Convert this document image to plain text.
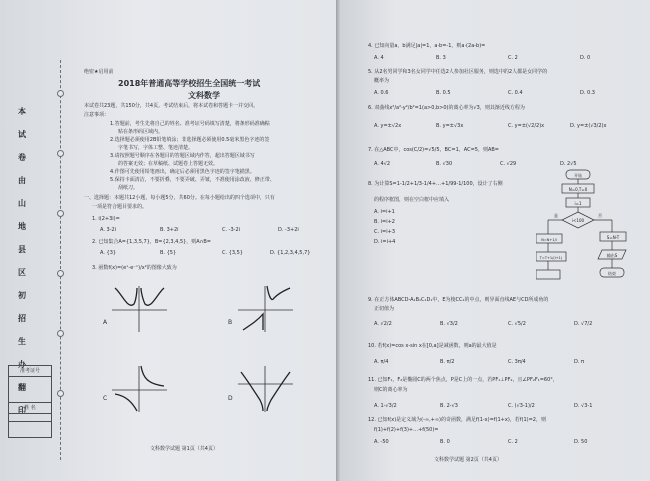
本
试
卷
由
山
地
县
区
初
招
生
办
翻
印
准考证号
姓 名
绝密★启用前
2018年普通高等学校招生全国统一考试
文科数学
本试卷共23题，共150分，共4页。考试结束后，将本试卷和答题卡一并交回。
注意事项：
1.答题前，考生先将自己的姓名、准考证号码填写清楚，将条形码准确粘
贴在条形码区域内。
2.选择题必须使用2B铅笔填涂；非选择题必须使用0.5毫米黑色字迹的签
字笔书写，字体工整、笔迹清楚。
3.请按照题号顺序在各题目的答题区域内作答，超出答题区域书写
的答案无效；在草稿纸、试题卷上答题无效。
4.作图可先使用铅笔画出，确定后必须用黑色字迹的签字笔描黑。
5.保持卡面清洁，不要折叠，不要弄破、弄皱，不准使用涂改液、修正带、
刮纸刀。
一、选择题：本题共12小题，每小题5分，共60分。在每小题给出的四个选项中，只有
一项是符合题目要求的。
1. i(2+3i)=
A. 3-2i	B. 3+2i	C. -3-2i	D. -3+2i
2. 已知集合A={1,3,5,7}，B={2,3,4,5}，则A∩B=
A. {3}	B. {5}	C. {3,5}	D. {1,2,3,4,5,7}
3. 函数f(x)=(eˣ-e⁻ˣ)/x²的图像大致为
A	B
C	D
文科数学试题 第1页（共4页）
4. 已知向量a，b满足|a|=1，a·b=-1，则a·(2a-b)=
A. 4	B. 3	C. 2	D. 0
5. 从2名男同学和3名女同学中任选2人参加社区服务，则选中的2人都是女同学的
概率为
A. 0.6	B. 0.5	C. 0.4	D. 0.3
6. 双曲线x²/a²-y²/b²=1(a>0,b>0)的离心率为√3，则其渐近线方程为
A. y=±√2x	B. y=±√3x	C. y=±(√2/2)x	D. y=±(√3/2)x
7. 在△ABC中，cos(C/2)=√5/5，BC=1，AC=5，则AB=
A. 4√2	B. √30	C. √29	D. 2√5
8. 为计算S=1-1/2+1/3-1/4+…+1/99-1/100，设计了右侧
的程序框图，则在空白框中应填入
A. i=i+1
B. i=i+2
C. i=i+3
D. i=i+4
开始
N=0,T=0
i=1
i<100
是	否
N=N+1/i
T=T+1/(i+1)
S=N-T
输出S
结束
9. 在正方体ABCD-A₁B₁C₁D₁中，E为棱CC₁的中点，则异面直线AE与CD所成角的
正切值为
A. √2/2	B. √3/2	C. √5/2	D. √7/2
10. 若f(x)=cos x-sin x在[0,a]是减函数，则a的最大值是
A. π/4	B. π/2	C. 3π/4	D. π
11. 已知F₁，F₂是椭圆C的两个焦点，P是C上的一点，若PF₁⊥PF₂，且∠PF₂F₁=60°，
则C的离心率为
A. 1-√3/2	B. 2-√3	C. (√3-1)/2	D. √3-1
12. 已知f(x)是定义域为(-∞,+∞)的奇函数，满足f(1-x)=f(1+x)，若f(1)=2，则
f(1)+f(2)+f(3)+…+f(50)=
A. -50	B. 0	C. 2	D. 50
文科数学试题 第2页（共4页）
